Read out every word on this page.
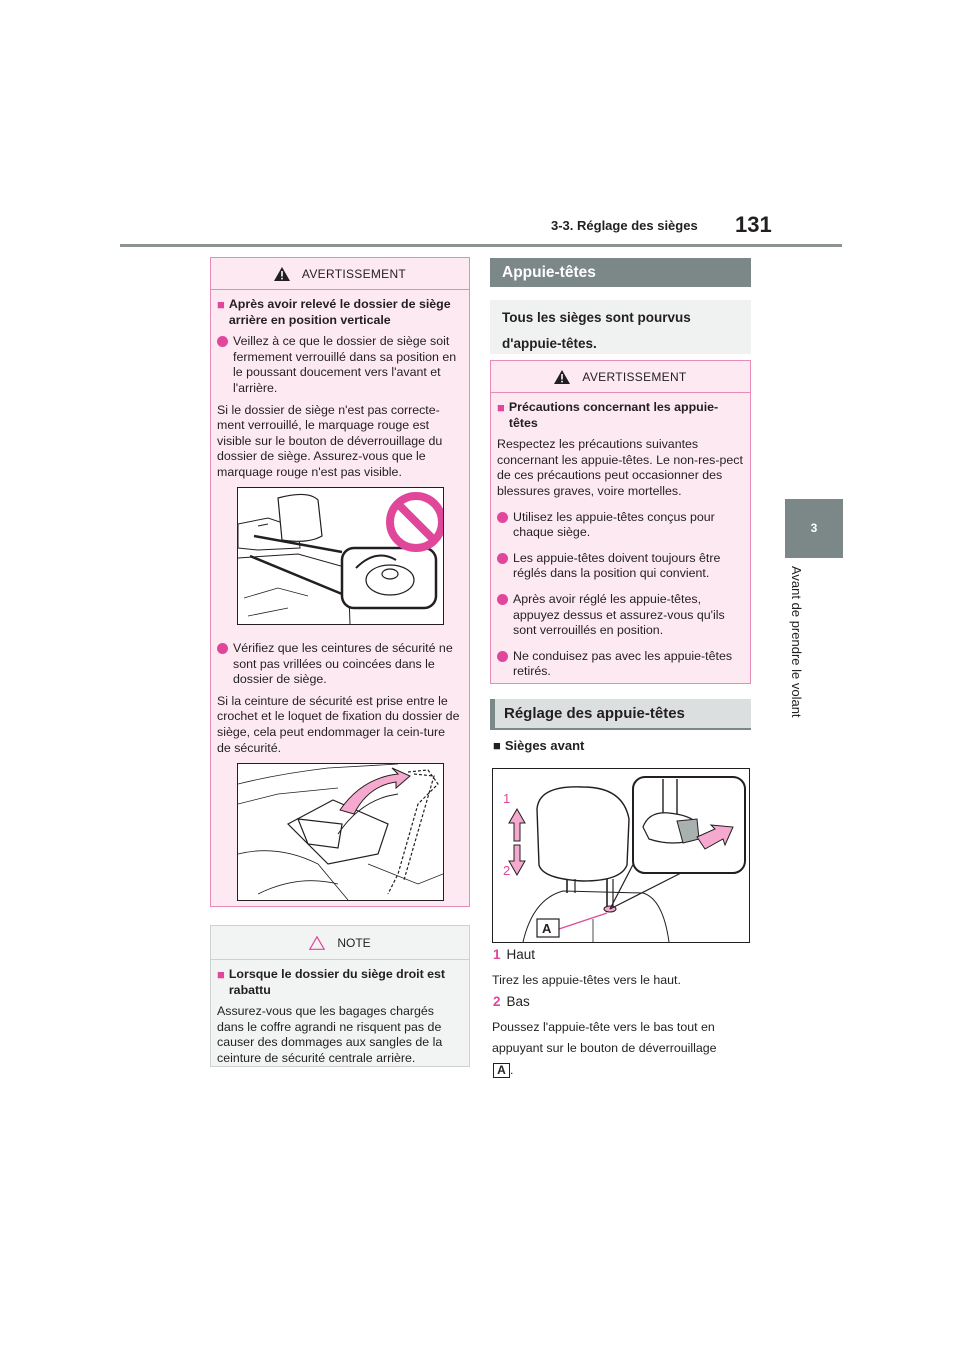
3-3. Réglage des sièges 131
3
Avant de prendre le volant
AVERTISSEMENT
■ Après avoir relevé le dossier de siège arrière en position verticale
Veillez à ce que le dossier de siège soit fermement verrouillé dans sa position en le poussant doucement vers l'avant et l'arrière.
Si le dossier de siège n'est pas correcte-ment verrouillé, le marquage rouge est visible sur le bouton de déverrouillage du dossier de siège. Assurez-vous que le marquage rouge n'est pas visible.
Vérifiez que les ceintures de sécurité ne sont pas vrillées ou coincées dans le dossier de siège.
Si la ceinture de sécurité est prise entre le crochet et le loquet de fixation du dossier de siège, cela peut endommager la cein-ture de sécurité.
NOTE
■ Lorsque le dossier du siège droit est rabattu
Assurez-vous que les bagages chargés dans le coffre agrandi ne risquent pas de causer des dommages aux sangles de la ceinture de sécurité centrale arrière.
Appuie-têtes
Tous les sièges sont pourvus d'appuie-têtes.
AVERTISSEMENT
■ Précautions concernant les appuie-têtes
Respectez les précautions suivantes concernant les appuie-têtes. Le non-res-pect de ces précautions peut occasionner des blessures graves, voire mortelles.
Utilisez les appuie-têtes conçus pour chaque siège.
Les appuie-têtes doivent toujours être réglés dans la position qui convient.
Après avoir réglé les appuie-têtes, appuyez dessus et assurez-vous qu'ils sont verrouillés en position.
Ne conduisez pas avec les appuie-têtes retirés.
Réglage des appuie-têtes
■ Sièges avant
1
2
A
1 Haut
Tirez les appuie-têtes vers le haut.
2 Bas
Poussez l'appuie-tête vers le bas tout en
appuyant sur le bouton de déverrouillage
A .
